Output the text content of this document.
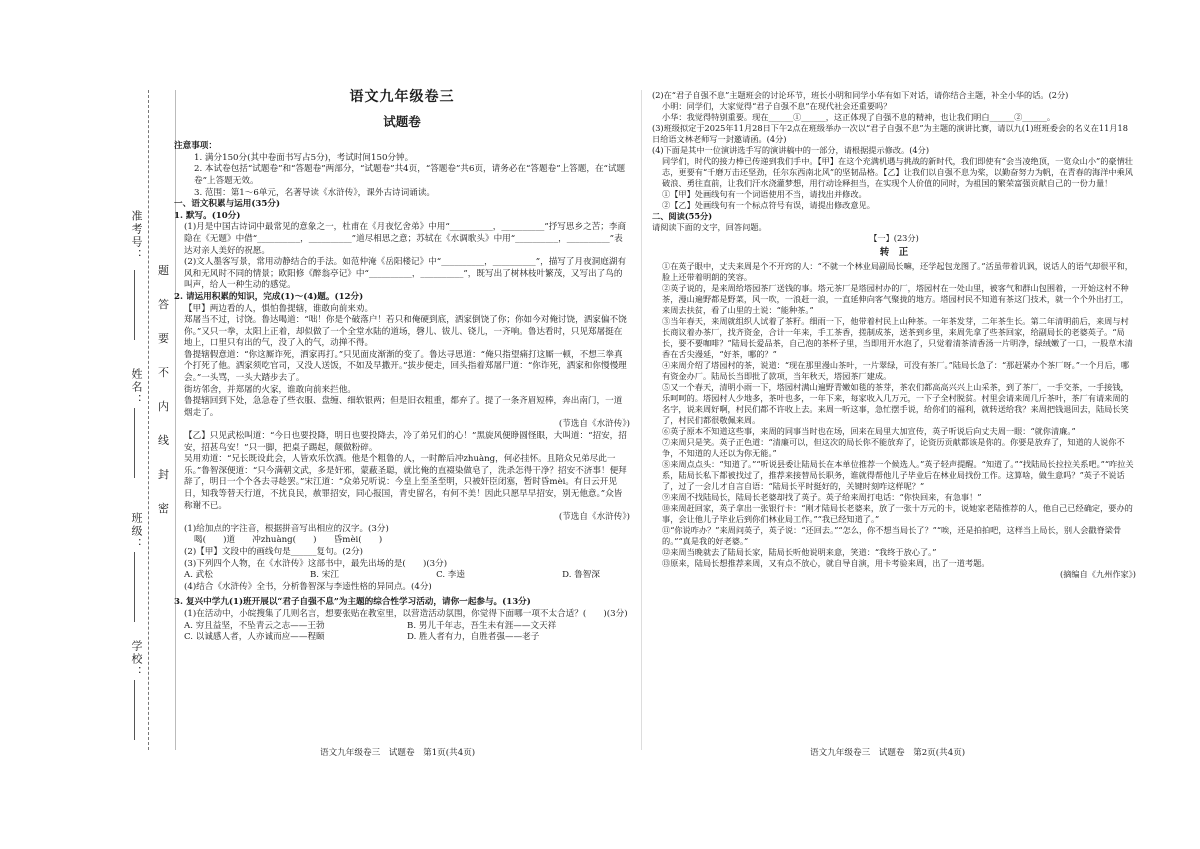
题
答
要
不
内
线
封
密
准考号：
姓名：
班级：
学校：

语文九年级卷三

试题卷

注意事项：

1. 满分150分(其中卷面书写占5分)，考试时间150分钟。

2. 本试卷包括“试题卷”和“答题卷”两部分，“试题卷”共4页，“答题卷”共6页，请务必在“答题卷”上答题，在“试题卷”上答题无效。

3. 范围：第1～6单元，名著导读《水浒传》，课外古诗词诵读。

一、语文积累与运用(35分)

1. 默写。(10分)

(1)月是中国古诗词中最常见的意象之一，杜甫在《月夜忆舍弟》中用“__________，__________”抒写思乡之苦；李商隐在《无题》中借“__________，__________”道尽相思之意；苏轼在《水调歌头》中用“__________，__________”表达对亲人美好的祝愿。

(2)文人墨客写景，常用动静结合的手法。如范仲淹《岳阳楼记》中“__________，__________”，描写了月夜洞庭湖有风和无风时不同的情景；欧阳修《醉翁亭记》中“__________，__________”，既写出了树林枝叶繁茂，又写出了鸟的叫声，给人一种生动的感觉。

2. 请运用积累的知识，完成(1)～(4)题。(12分)

【甲】两边看的人，惧怕鲁提辖，谁敢向前来劝。

郑屠当不过，讨饶。鲁达喝道：“咄！你是个破落户！若只和俺硬到底，洒家倒饶了你；你如今对俺讨饶，洒家偏不饶你。”又只一拳，太阳上正着，却似做了一个全堂水陆的道场，磬儿、钹儿、铙儿，一齐响。鲁达看时，只见郑屠挺在地上，口里只有出的气，没了入的气，动掸不得。

鲁提辖假意道：“你这厮诈死，洒家再打。”只见面皮渐渐的变了。鲁达寻思道：“俺只指望痛打这厮一顿，不想三拳真个打死了他。洒家须吃官司，又没人送饭，不如及早撒开。”拔步便走，回头指着郑屠尸道：“你诈死，洒家和你慢慢理会。”一头骂，一头大踏步去了。

街坊邻舍，并郑屠的火家，谁敢向前来拦他。

鲁提辖回到下处，急急卷了些衣服、盘缠、细软银两；但是旧衣粗重，都弃了。提了一条齐眉短棒，奔出南门，一道烟走了。

(节选自《水浒传》)

【乙】只见武松叫道：“今日也要投降，明日也要投降去，冷了弟兄们的心！”黑旋风便睁圆怪眼，大叫道：“招安，招安，招甚鸟安！”只一脚，把桌子踢起，颠做粉碎。

吴用劝道：“兄长既设此会，人皆欢乐饮酒。他是个粗鲁的人，一时醉后冲zhuàng，何必挂怀。且陪众兄弟尽此一乐。”鲁智深便道：“只今满朝文武，多是奸邪，蒙蔽圣聪，就比俺的直裰染做皂了，洗杀怎得干净？招安不济事！便拜辞了，明日一个个各去寻趁罢。”宋江道：“众弟兄听说：今皇上至圣至明，只被奸臣闭塞，暂时昏mèi。有日云开见日，知我等替天行道，不扰良民，赦罪招安，同心报国，青史留名，有何不美！因此只愿早早招安，别无他意。”众皆称谢不已。

(节选自《水浒传》)

(1)给加点的字注音，根据拼音写出相应的汉字。(3分)

喝(　　)道　　冲zhuàng(　　)　　昏mèi(　　)

(2)【甲】文段中的画线句是______复句。(2分)

(3)下列四个人物，在《水浒传》这部书中，最先出场的是(　　)(3分)

A. 武松	B. 宋江	C. 李逵	D. 鲁智深

(4)结合《水浒传》全书，分析鲁智深与李逵性格的异同点。(4分)

3. 复兴中学九(1)班开展以“君子自强不息”为主题的综合性学习活动，请你一起参与。(13分)

(1)在活动中，小皖搜集了几则名言，想要张贴在教室里，以营造活动氛围，你觉得下面哪一项不太合适？(　　)(3分)

A. 穷且益坚，不坠青云之志——王勃	B. 男儿千年志，吾生未有涯——文天祥
C. 以诚感人者，人亦诚而应——程颐	D. 胜人者有力，自胜者强——老子
语文九年级卷三　试题卷　第1页(共4页)

(2)在“君子自强不息”主题班会的讨论环节，班长小明和同学小华有如下对话，请你结合主题，补全小华的话。(2分)

小明：同学们，大家觉得“君子自强不息”在现代社会还重要吗？

小华：我觉得特别重要。现在______①______，这正体现了自强不息的精神，也让我们明白______②______。

(3)班级拟定于2025年11月28日下午2点在班级举办一次以“君子自强不息”为主题的演讲比赛，请以九(1)班班委会的名义在11月18日给语文林老师写一封邀请函。(4分)

(4)下面是其中一位演讲选手写的演讲稿中的一部分，请根据提示修改。(4分)

同学们，时代的接力棒已传递到我们手中。【甲】在这个充满机遇与挑战的新时代，我们即使有“会当凌绝顶，一览众山小”的豪情壮志，更要有“千磨万击还坚劲，任尔东西南北风”的坚韧品格。【乙】让我们以自强不息为桨，以勤奋努力为帆，在青春的海洋中乘风破浪、勇往直前，让我们汗水浇灌梦想，用行动诠释担当，在实现个人价值的同时，为祖国的繁荣富强贡献自己的一份力量！

①【甲】处画线句有一个词语使用不当，请找出并修改。

②【乙】处画线句有一个标点符号有误，请提出修改意见。

二、阅读(55分)

请阅读下面的文字，回答问题。

【一】(23分)

转　正

①在英子眼中，丈夫来周是个不开窍的人：“不就一个林业局副局长嘛，还学起包龙图了。”活虽带着讥讽，说话人的语气却很平和，脸上还带着明朗的笑容。

②英子说的，是来周给塔园茶厂送钱的事。塔元茶厂是塔园村办的厂，塔园村在一处山里，被客气和群山包围着，一开始这村不种茶，漫山遍野都是野菜，风一吹，一浪赶一浪，一直延伸向客气聚拢的地方。塔园村民不知道有茶这门技术，就一个个外出打工，来周去扶贫，看了山里的土说：“能种茶。”

③当年春天，来周就组织人试着了茶籽。细雨一下，他带着村民上山种茶。一年茶发芽，二年茶生长。第二年清明前后，来周与村长商议着办茶厂，找齐资金，合计一年来，手工茶香，搓制成茶，送茶到乡里，来周先拿了些茶回家，给副局长的老婆英子。“局长，要不要咖啡？”陆局长爱品茶，自己泡的茶杯子里，当即用开水泡了，只觉着清茶清香汤一片明净，绿绒嫩了一口，一股草木清香在舌尖漫延，“好茶，哪的？”

④来周介绍了塔园村的茶，说道：“现在那里漫山茶叶，一片翠绿，可没有茶厂。”陆局长急了：“那赶紧办个茶厂呀。”一个月后，哪有资金办厂。陆局长当即批了款项，当年秋天，塔园茶厂建成。

⑤又一个春天，清明小雨一下，塔园村满山遍野青嫩如毯的茶芽，茶农们都高高兴兴上山采茶，到了茶厂，一手交茶，一手接钱，乐呵呵的。塔园村人少地多，茶叶也多，一年下来，每家收入几万元，一下子全村脱贫。村里会请来周几斤茶叶，茶厂有请来周的名字，说来周好啊，村民们都不许收上去。来周一听这事，急忙摆手说，给你们的福利，就转送给我？来周把钱退回去，陆局长笑了，村民们都很敬佩来周。

⑥英子原本不知道这些事，来周的同事当时也在场，回来在局里大加宣传，英子听说后向丈夫周一眼：“就你清廉。”

⑦来周只是笑。英子正色道：“清廉可以，但这次的局长你不能放弃了，论资历贡献都该是你的。你要是放弃了，知道的人说你不争，不知道的人还以为你无能。”

⑧来周点点头：“知道了。”“听说县委让陆局长在本单位推荐一个候选人。”英子轻声提醒。“知道了。”“找陆局长拉拉关系吧。”“咋拉关系，陆局长私下都被找过了，推荐来接替局长职务，谁就得帮他儿子毕业后在林业局找份工作。这算啥，做生意吗？”英子不说话了，过了一会儿才自言自语：“陆局长平时挺好的，关键时刻咋这样呢？”

⑨来周不找陆局长，陆局长老婆却找了英子。英子给来周打电话：“你快回来，有急事！”

⑩来周赶回家，英子拿出一张银行卡：“刚才陆局长老婆来，放了一张十万元的卡，说她家老陆推荐的人，他自己已经确定，要办的事，会让他儿子毕业后到你们林业局工作。”“我已经知道了。”

⑪“你说咋办？”来周问英子，英子说：“还回去。”“怎么，你不想当局长了？”“唉，还是拍拍吧，这样当上局长，别人会戳脊梁骨的。”“真是我的好老婆。”

⑫来周当晚就去了陆局长家，陆局长听他说明来意，笑道：“我终于放心了。”

⑬原来，陆局长想推荐来周，又有点不放心，就自导自演，用卡考验来周，出了一道考题。

(摘编自《九州作家》)

语文九年级卷三　试题卷　第2页(共4页)
